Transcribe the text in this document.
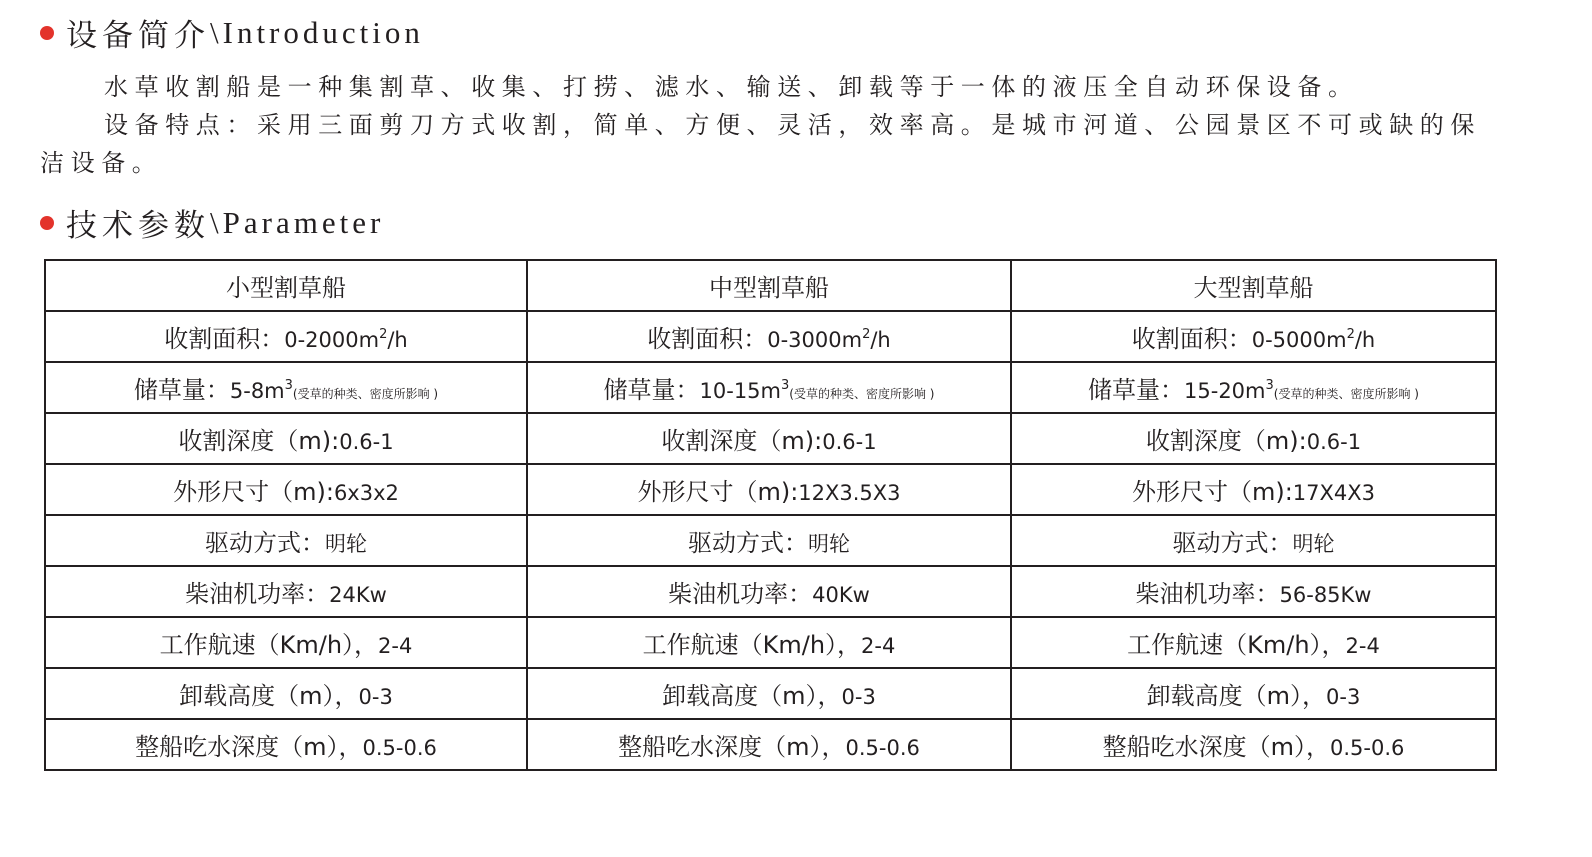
设备简介 \ Introduction
水草收割船是一种集割草、收集、打捞、滤水、输送、卸载等于一体的液压全自动环保设备。
设备特点：采用三面剪刀方式收割，简单、方便、灵活，效率高。是城市河道、公园景区不可或缺的保洁设备。
技术参数 \ Parameter
小型割草船	中型割草船	大型割草船
收割面积：$0-2000m^2/h$	收割面积：$0-3000m^2/h$	收割面积：$0-5000m^2/h$
储草量：$5-8m^3$(受草的种类、密度所影响 )	储草量：$10-15m^3$(受草的种类、密度所影响 )	储草量：$15-20m^3$(受草的种类、密度所影响 )
收割深度（m):0.6-1	收割深度（m):0.6-1	收割深度（m):0.6-1
外形尺寸（m):6x3x2	外形尺寸（m):12X3.5X3	外形尺寸（m):17X4X3
驱动方式：明轮	驱动方式：明轮	驱动方式：明轮
柴油机功率：24Kw	柴油机功率：40Kw	柴油机功率：56-85Kw
工作航速（Km/h），2-4	工作航速（Km/h），2-4	工作航速（Km/h），2-4
卸载高度（m），0-3	卸载高度（m），0-3	卸载高度（m），0-3
整船吃水深度（m），0.5-0.6	整船吃水深度（m），0.5-0.6	整船吃水深度（m），0.5-0.6
